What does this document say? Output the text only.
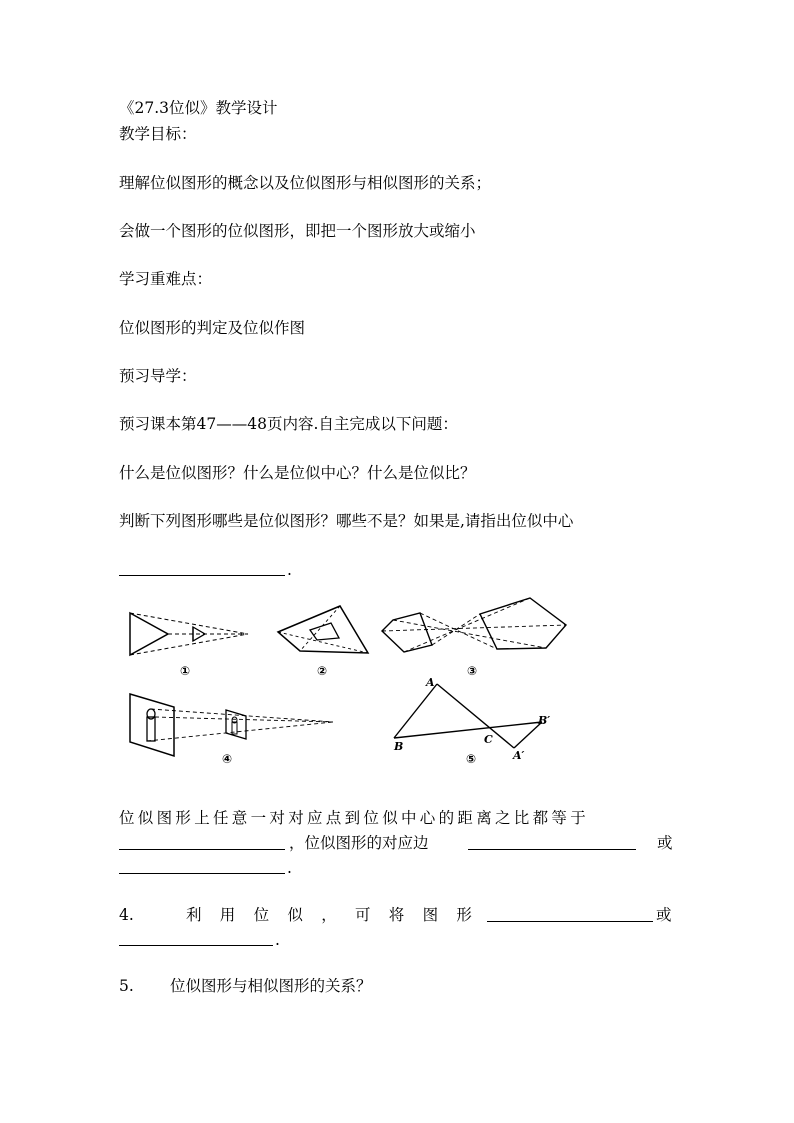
《27.3位似》教学设计
教学目标：
理解位似图形的概念以及位似图形与相似图形的关系；
会做一个图形的位似图形，即把一个图形放大或缩小
学习重难点：
位似图形的判定及位似作图
预习导学：
预习课本第47——48页内容.自主完成以下问题：
什么是位似图形？什么是位似中心？什么是位似比？
判断下列图形哪些是位似图形？哪些不是？如果是,请指出位似中心
.
A
B
C
B′
A′
①	②	③
④	⑤
位似图形上任意一对对应点到位似中心的距离之比都等于
，位似图形的对应边	或
.
4.	利 用 位 似 ， 可 将 图 形	或
.
5. 位似图形与相似图形的关系？
